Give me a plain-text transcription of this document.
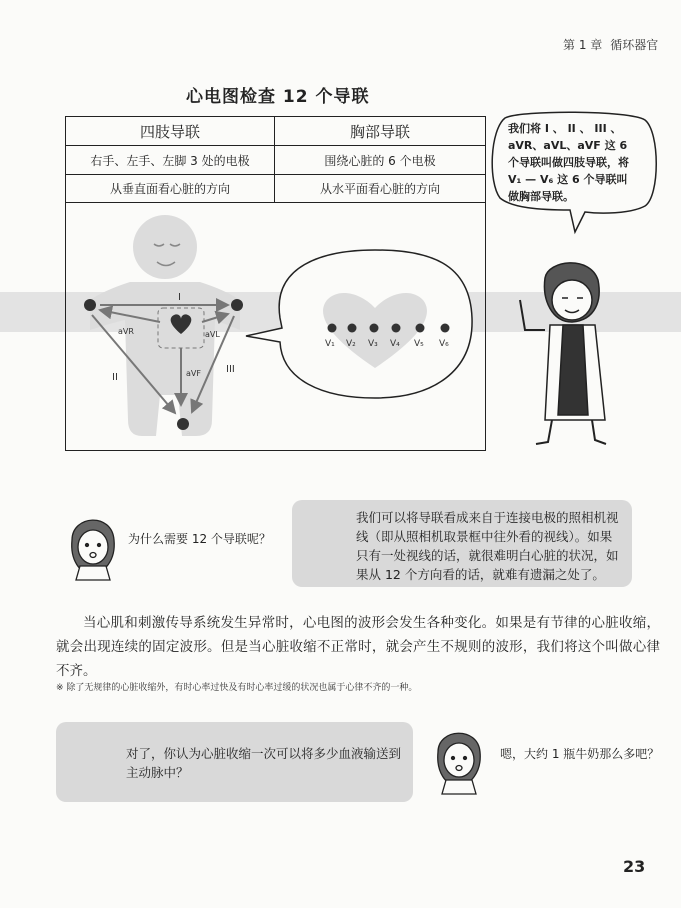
第 1 章 循环器官
心电图检查 12 个导联
四肢导联	胸部导联
右手、左手、左脚 3 处的电极	围绕心脏的 6 个电极
从垂直面看心脏的方向	从水平面看心脏的方向
I
II
III
aVR	aVL
aVF
V₁ V₂ V₃ V₄ V₅ V₆
我们将 I 、 II 、 III 、 aVR、aVL、aVF 这 6 个导联叫做四肢导联，将 V₁ — V₆ 这 6 个导联叫做胸部导联。
为什么需要 12 个导联呢？
我们可以将导联看成来自于连接电极的照相机视线（即从照相机取景框中往外看的视线）。如果只有一处视线的话，就很难明白心脏的状况，如果从 12 个方向看的话，就难有遗漏之处了。
当心肌和刺激传导系统发生异常时，心电图的波形会发生各种变化。如果是有节律的心脏收缩，就会出现连续的固定波形。但是当心脏收缩不正常时，就会产生不规则的波形，我们将这个叫做心律不齐。
※ 除了无规律的心脏收缩外，有时心率过快及有时心率过缓的状况也属于心律不齐的一种。
对了，你认为心脏收缩一次可以将多少血液输送到主动脉中？
嗯，大约 1 瓶牛奶那么多吧？
23
